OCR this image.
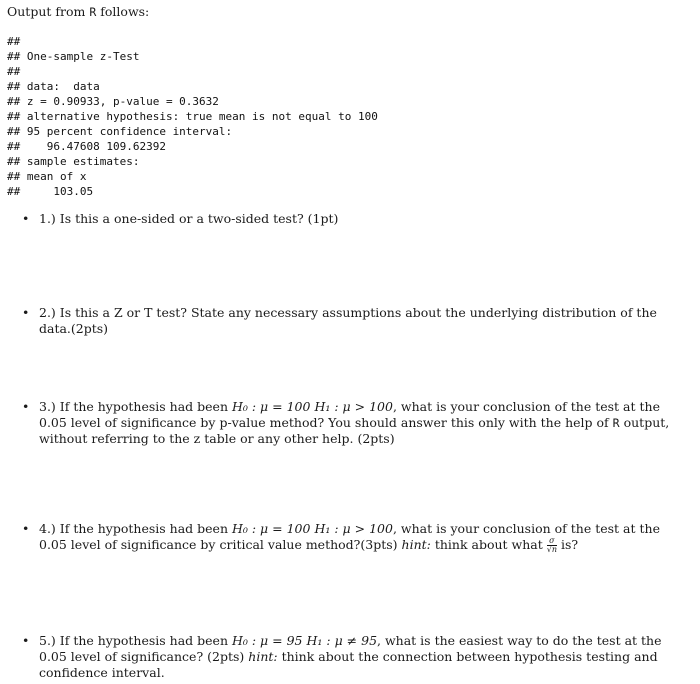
Output from R follows:
##
## One-sample z-Test
##
## data:  data
## z = 0.90933, p-value = 0.3632
## alternative hypothesis: true mean is not equal to 100
## 95 percent confidence interval:
##    96.47608 109.62392
## sample estimates:
## mean of x
##     103.05
• 1.) Is this a one-sided or a two-sided test? (1pt)
• 2.) Is this a Z or T test? State any necessary assumptions about the underlying distribution of the data.(2pts)
• 3.) If the hypothesis had been H₀ : μ = 100 H₁ : μ > 100, what is your conclusion of the test at the 0.05 level of significance by p-value method? You should answer this only with the help of R output, without referring to the z table or any other help. (2pts)
• 4.) If the hypothesis had been H₀ : μ = 100 H₁ : μ > 100, what is your conclusion of the test at the 0.05 level of significance by critical value method?(3pts) hint: think about what $\frac{\sigma}{√n}$ is?
• 5.) If the hypothesis had been H₀ : μ = 95 H₁ : μ ≠ 95, what is the easiest way to do the test at the 0.05 level of significance? (2pts) hint: think about the connection between hypothesis testing and confidence interval.
